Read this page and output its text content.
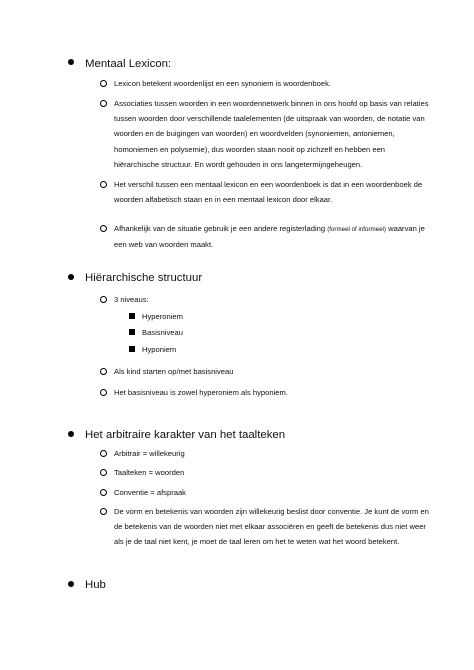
Mentaal Lexicon:
Lexicon betekent woordenlijst en een synoniem is woordenboek.
Associaties tussen woorden in een woordennetwerk binnen in ons hoofd op basis van relaties tussen woorden door verschillende taalelementen (de uitspraak van woorden, de notatie van woorden en de buigingen van woorden) en woordvelden (synoniemen, antoniemen, homoniemen en polysemie), dus woorden staan nooit op zichzelf en hebben een hiërarchische structuur. En wordt gehouden in ons langetermijngeheugen.
Het verschil tussen een mentaal lexicon en een woordenboek is dat in een woordenboek de woorden alfabetisch staan en in een mentaal lexicon door elkaar.
Afhankelijk van de situatie gebruik je een andere registerlading (formeel of informeel) waarvan je een web van woorden maakt.
Hiërarchische structuur
3 niveaus:
Hyperoniem
Basisniveau
Hyponiem
Als kind starten op/met basisniveau
Het basisniveau is zowel hyperoniem als hyponiem.
Het arbitraire karakter van het taalteken
Arbitrair = willekeurig
Taalteken = woorden
Conventie = afspraak
De vorm en betekenis van woorden zijn willekeurig beslist door conventie. Je kunt de vorm en de betekenis van de woorden niet met elkaar associëren en geeft de betekenis dus niet weer als je de taal niet kent, je moet de taal leren om het te weten wat het woord betekent.
Hub
